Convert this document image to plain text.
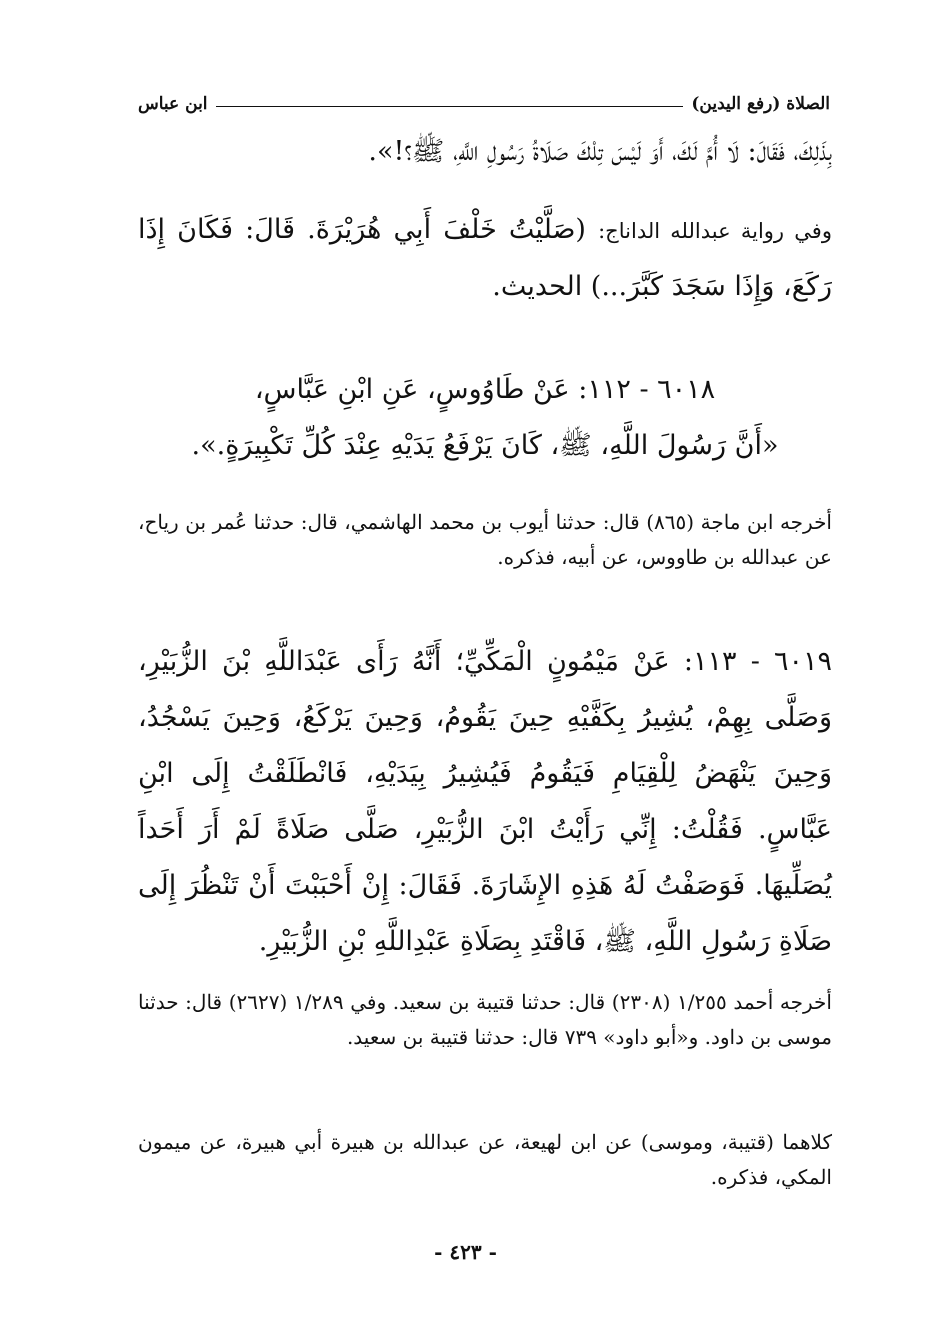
الصلاة (رفع اليدين)
ابن عباس

بِذَلِكَ، فَقَالَ: لَا أُمَّ لَكَ، أَوَ لَيْسَ تِلْكَ صَلَاةُ رَسُولِ اللَّهِ، ﷺ؟!».

وفي رواية عبدالله الداناج: (صَلَّيْتُ خَلْفَ أَبِي هُرَيْرَةَ. قَالَ: فَكَانَ إِذَا رَكَعَ، وَإِذَا سَجَدَ كَبَّرَ...) الحديث.

٦٠١٨ - ١١٢: عَنْ طَاوُوسٍ، عَنِ ابْنِ عَبَّاسٍ،

«أَنَّ رَسُولَ اللَّهِ، ﷺ، كَانَ يَرْفَعُ يَدَيْهِ عِنْدَ كُلِّ تَكْبِيرَةٍ.».

أخرجه ابن ماجة (٨٦٥) قال: حدثنا أيوب بن محمد الهاشمي، قال: حدثنا عُمر بن رياح، عن عبدالله بن طاووس، عن أبيه، فذكره.

٦٠١٩ - ١١٣: عَنْ مَيْمُونٍ الْمَكِّيِّ؛ أَنَّهُ رَأَى عَبْدَاللَّهِ بْنَ الزُّبَيْرِ، وَصَلَّى بِهِمْ، يُشِيرُ بِكَفَّيْهِ حِينَ يَقُومُ، وَحِينَ يَرْكَعُ، وَحِينَ يَسْجُدُ، وَحِينَ يَنْهَضُ لِلْقِيَامِ فَيَقُومُ فَيُشِيرُ بِيَدَيْهِ، فَانْطَلَقْتُ إِلَى ابْنِ عَبَّاسٍ. فَقُلْتُ: إِنِّي رَأَيْتُ ابْنَ الزُّبَيْرِ، صَلَّى صَلَاةً لَمْ أَرَ أَحَداً يُصَلِّيهَا. فَوَصَفْتُ لَهُ هَذِهِ الإِشَارَةَ. فَقَالَ: إِنْ أَحْبَبْتَ أَنْ تَنْظُرَ إِلَى صَلَاةِ رَسُولِ اللَّهِ، ﷺ، فَاقْتَدِ بِصَلَاةِ عَبْدِاللَّهِ بْنِ الزُّبَيْرِ.

أخرجه أحمد ١/٢٥٥ (٢٣٠٨) قال: حدثنا قتيبة بن سعيد. وفي ١/٢٨٩ (٢٦٢٧) قال: حدثنا موسى بن داود. و«أبو داود» ٧٣٩ قال: حدثنا قتيبة بن سعيد.

كلاهما (قتيبة، وموسى) عن ابن لهيعة، عن عبدالله بن هبيرة أبي هبيرة، عن ميمون المكي، فذكره.

- ٤٢٣ -
